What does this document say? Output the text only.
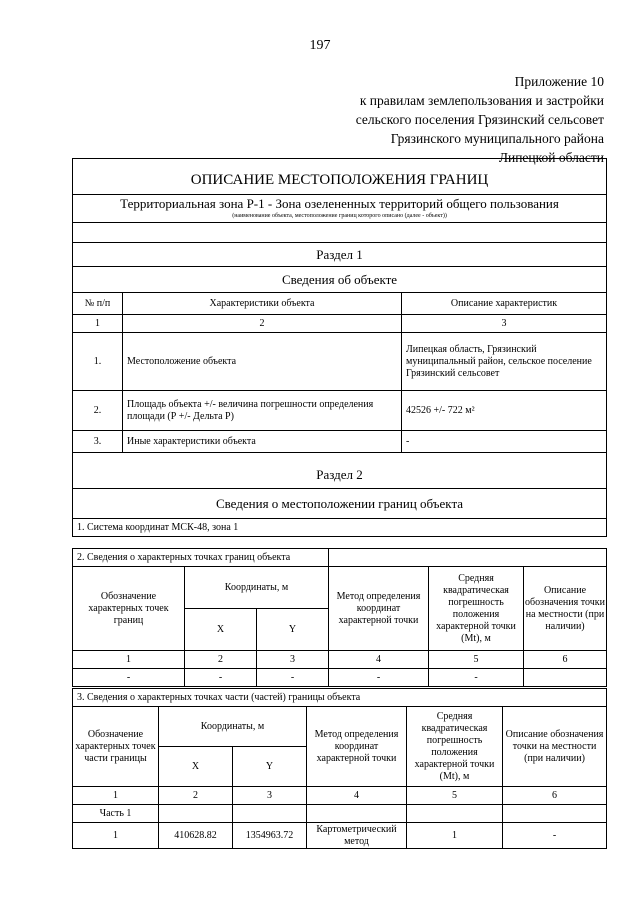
197
Приложение 10
к правилам землепользования и застройки
сельского поселения Грязинский сельсовет
Грязинского муниципального района
Липецкой области
ОПИСАНИЕ МЕСТОПОЛОЖЕНИЯ ГРАНИЦ		
Территориальная зона Р-1 - Зона озелененных территорий общего пользования		
(наименование объекта, местоположение границ которого описано (далее - объект))		

Раздел 1		
Сведения об объекте		
№ п/п	Характеристики объекта	Описание характеристик
1	2	3
1.	Местоположение объекта	Липецкая область, Грязинский муниципальный район, сельское поселение Грязинский сельсовет
2.	Площадь объекта +/- величина погрешности определения площади (Р +/- Дельта Р)	42526 +/- 722 м²
3.	Иные характеристики объекта	-
Раздел 2		
Сведения о местоположении границ объекта		
1. Система координат МСК-48, зона 1		
2. Сведения о характерных точках границ объекта					
Обозначение характерных точек границ	Координаты, м		Метод определения координат характерной точки	Средняя квадратическая погрешность положения характерной точки (Mt), м	Описание обозначения точки на местности (при наличии)
	X	Y			
1	2	3	4	5	6
-	-	-	-	-	
3. Сведения о характерных точках части (частей) границы объекта					
Обозначение характерных точек части границы	Координаты, м		Метод определения координат характерной точки	Средняя квадратическая погрешность положения характерной точки (Mt), м	Описание обозначения точки на местности (при наличии)
	X	Y			
1	2	3	4	5	6
Часть 1					
1	410628.82	1354963.72	Картометрический метод	1	-
